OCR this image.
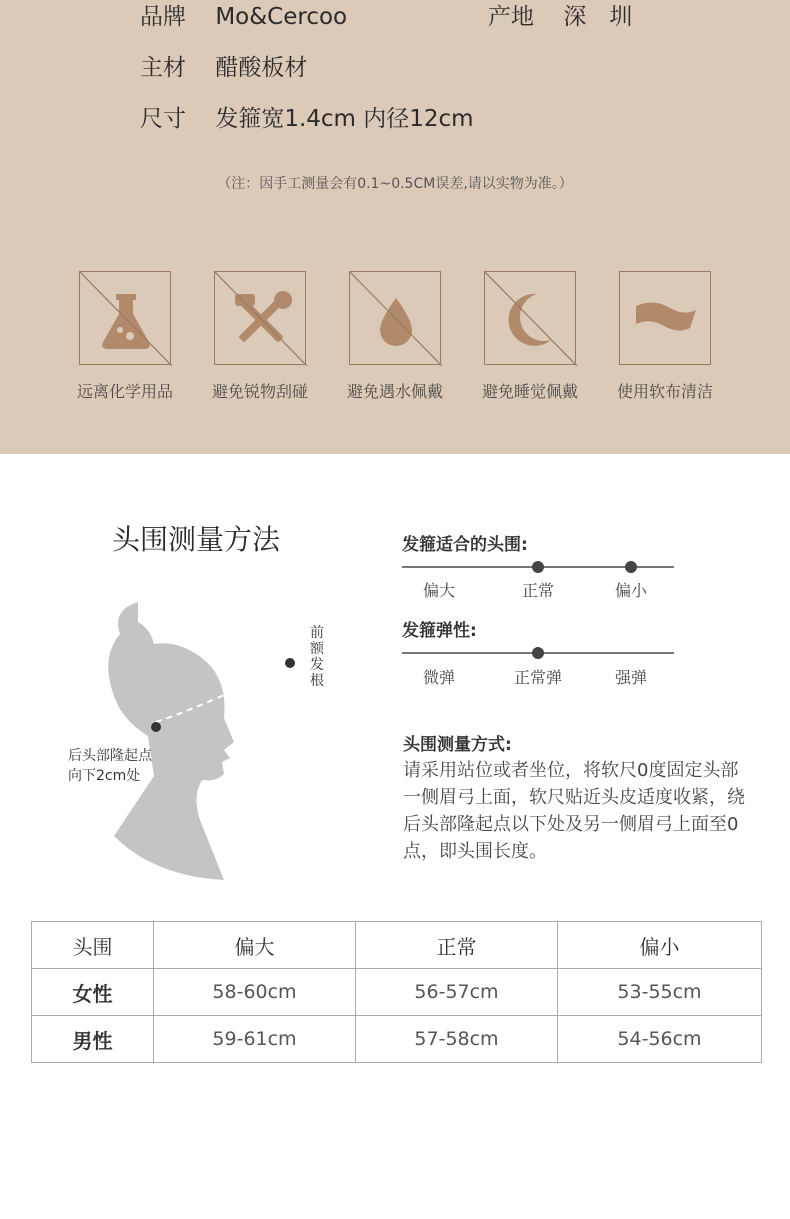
品牌 Mo&Cercoo	产地 深　圳
主材 醋酸板材
尺寸 发箍宽1.4cm 内径12cm
（注：因手工测量会有0.1~0.5CM误差,请以实物为准。）
远离化学用品	避免锐物刮碰	避免遇水佩戴	避免睡觉佩戴	使用软布清洁
头围测量方法
前额发根
后头部隆起点
向下2cm处
发箍适合的头围:
偏大	正常	偏小
发箍弹性:
微弹	正常弹	强弹
头围测量方式:
请采用站位或者坐位，将软尺0度固定头部一侧眉弓上面，软尺贴近头皮适度收紧，绕后头部隆起点以下处及另一侧眉弓上面至0点，即头围长度。
头围	偏大	正常	偏小
女性	58-60cm	56-57cm	53-55cm
男性	59-61cm	57-58cm	54-56cm
